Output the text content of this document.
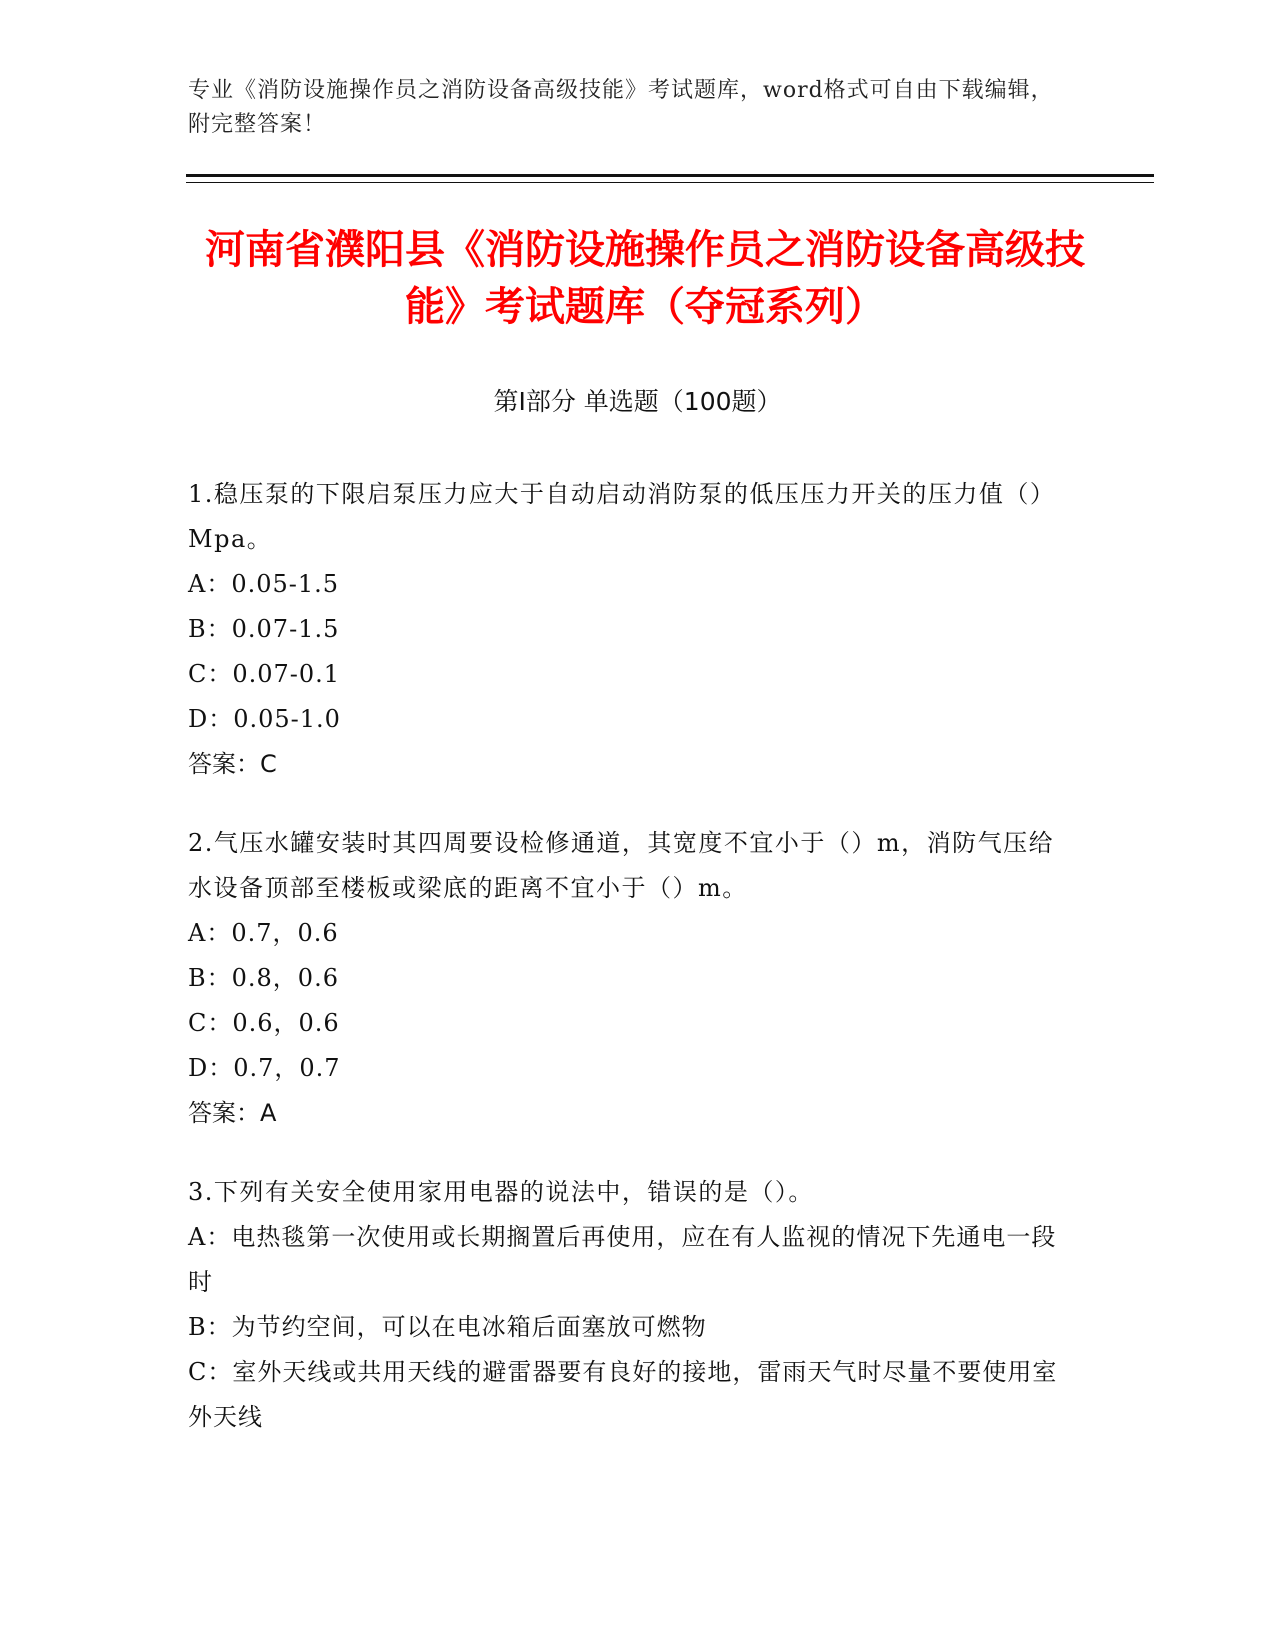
专业《消防设施操作员之消防设备高级技能》考试题库，word格式可自由下载编辑，附完整答案！
河南省濮阳县《消防设施操作员之消防设备高级技能》考试题库（夺冠系列）
第Ⅰ部分 单选题（100题）
1.稳压泵的下限启泵压力应大于自动启动消防泵的低压压力开关的压力值（）Mpa。
A：0.05-1.5
B：0.07-1.5
C：0.07-0.1
D：0.05-1.0
答案：C
2.气压水罐安装时其四周要设检修通道，其宽度不宜小于（）m，消防气压给水设备顶部至楼板或梁底的距离不宜小于（）m。
A：0.7，0.6
B：0.8，0.6
C：0.6，0.6
D：0.7，0.7
答案：A
3.下列有关安全使用家用电器的说法中，错误的是（）。
A：电热毯第一次使用或长期搁置后再使用，应在有人监视的情况下先通电一段时
B：为节约空间，可以在电冰箱后面塞放可燃物
C：室外天线或共用天线的避雷器要有良好的接地，雷雨天气时尽量不要使用室外天线
